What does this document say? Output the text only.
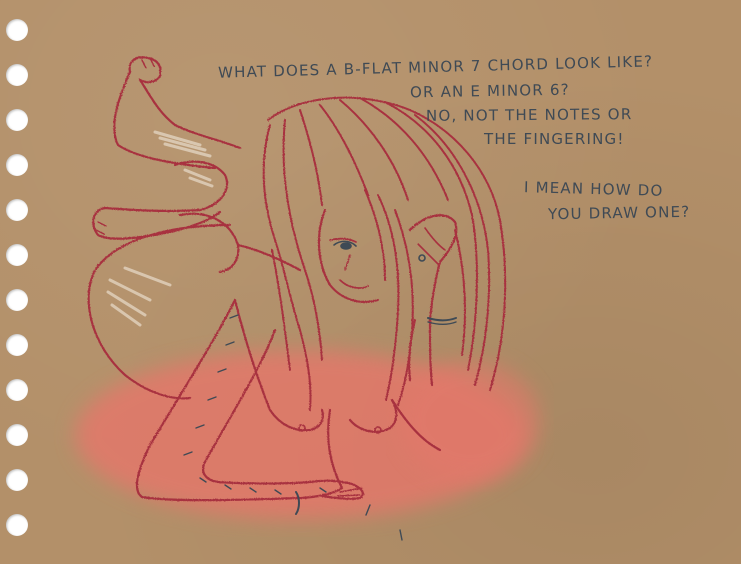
WHAT DOES A B-FLAT MINOR 7 CHORD LOOK LIKE?
OR AN E MINOR 6?
NO, NOT THE NOTES OR
THE FINGERING!
I MEAN HOW DO
YOU DRAW ONE?
